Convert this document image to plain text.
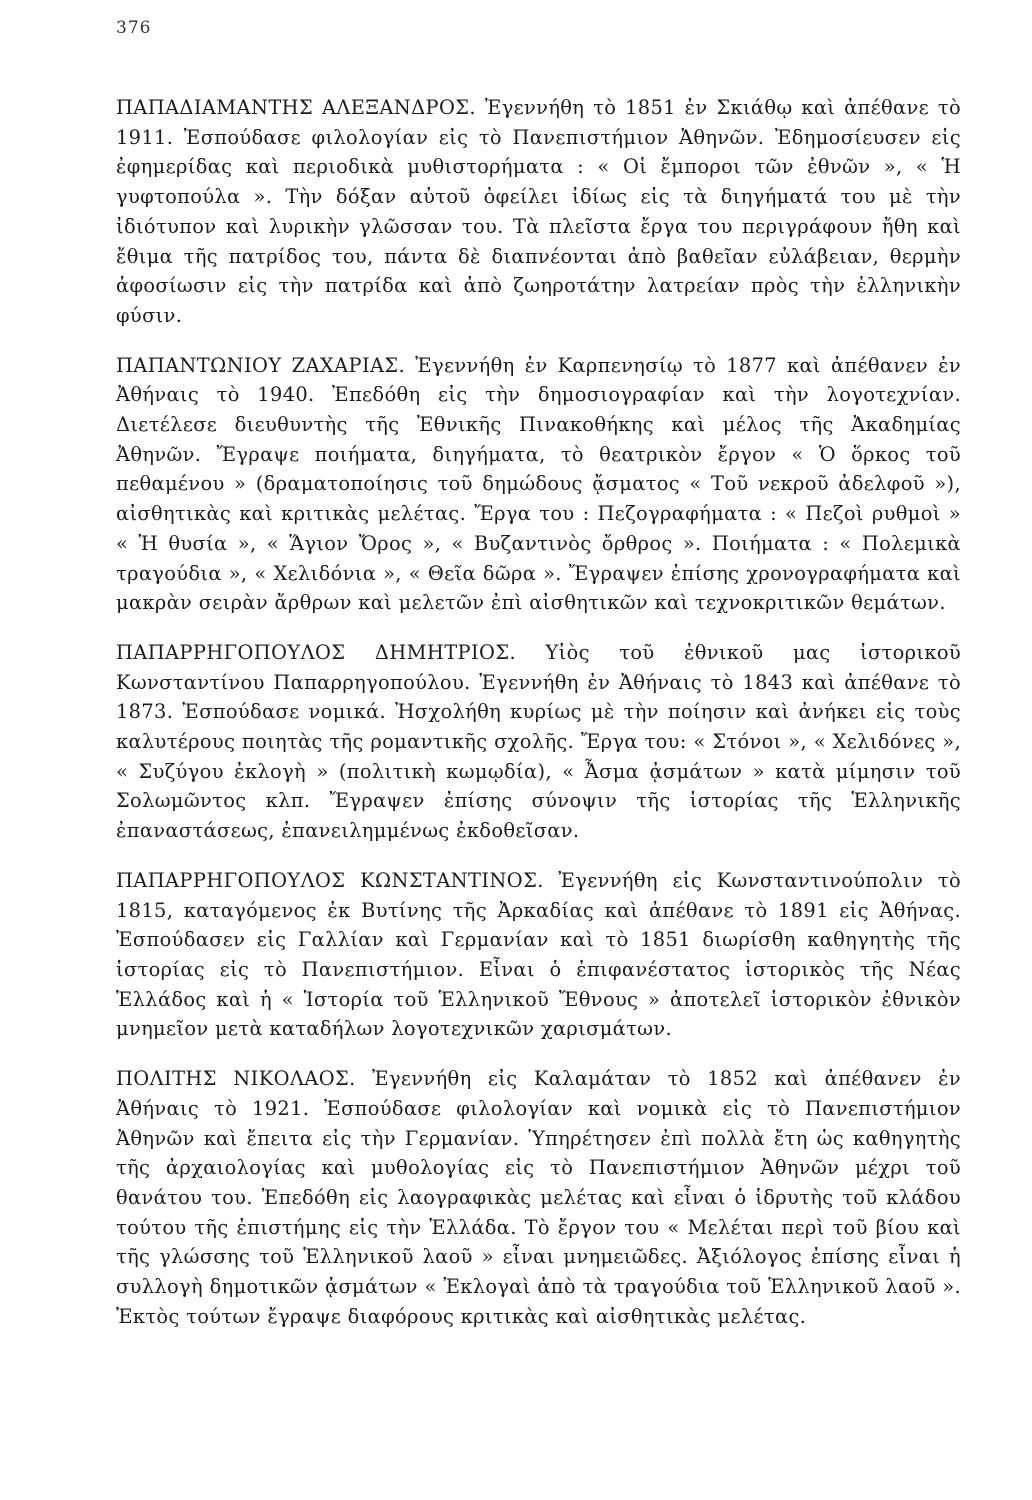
376

ΠΑΠΑΔΙΑΜΑΝΤΗΣ ΑΛΕΞΑΝΔΡΟΣ. Ἐγεννήθη τὸ 1851 ἐν Σκιάθῳ καὶ ἀπέθανε τὸ 1911. Ἐσπούδασε φιλολογίαν εἰς τὸ Πανεπιστήμιον Ἀθηνῶν. Ἐδημοσίευσεν εἰς ἐφημερίδας καὶ περιοδικὰ μυθιστορήματα : « Οἱ ἔμποροι τῶν ἐθνῶν », « Ἡ γυφτοπούλα ». Τὴν δόξαν αὐτοῦ ὀφείλει ἰδίως εἰς τὰ διηγήματά του μὲ τὴν ἰδιότυπον καὶ λυρικὴν γλῶσσαν του. Τὰ πλεῖστα ἔργα του περιγράφουν ἤθη καὶ ἔθιμα τῆς πατρίδος του, πάντα δὲ διαπνέονται ἀπὸ βαθεῖαν εὐλάβειαν, θερμὴν ἀφοσίωσιν εἰς τὴν πατρίδα καὶ ἀπὸ ζωηροτάτην λατρείαν πρὸς τὴν ἑλληνικὴν φύσιν.

ΠΑΠΑΝΤΩΝΙΟΥ ΖΑΧΑΡΙΑΣ. Ἐγεννήθη ἐν Καρπενησίῳ τὸ 1877 καὶ ἀπέθανεν ἐν Ἀθήναις τὸ 1940. Ἐπεδόθη εἰς τὴν δημοσιογραφίαν καὶ τὴν λογοτεχνίαν. Διετέλεσε διευθυντὴς τῆς Ἐθνικῆς Πινακοθήκης καὶ μέλος τῆς Ἀκαδημίας Ἀθηνῶν. Ἔγραψε ποιήματα, διηγήματα, τὸ θεατρικὸν ἔργον « Ὁ ὅρκος τοῦ πεθαμένου » (δραματοποίησις τοῦ δημώδους ᾄσματος « Τοῦ νεκροῦ ἀδελφοῦ »), αἰσθητικὰς καὶ κριτικὰς μελέτας. Ἔργα του : Πεζογραφήματα : « Πεζοὶ ρυθμοὶ » « Ἡ θυσία », « Ἅγιον Ὄρος », « Βυζαντινὸς ὄρθρος ». Ποιήματα : « Πολεμικὰ τραγούδια », « Χελιδόνια », « Θεῖα δῶρα ». Ἔγραψεν ἐπίσης χρονογραφήματα καὶ μακρὰν σειρὰν ἄρθρων καὶ μελετῶν ἐπὶ αἰσθητικῶν καὶ τεχνοκριτικῶν θεμάτων.

ΠΑΠΑΡΡΗΓΟΠΟΥΛΟΣ ΔΗΜΗΤΡΙΟΣ. Υἱὸς τοῦ ἐθνικοῦ μας ἱστορικοῦ Κωνσταντίνου Παπαρρηγοπούλου. Ἐγεννήθη ἐν Ἀθήναις τὸ 1843 καὶ ἀπέθανε τὸ 1873. Ἐσπούδασε νομικά. Ἠσχολήθη κυρίως μὲ τὴν ποίησιν καὶ ἀνήκει εἰς τοὺς καλυτέρους ποιητὰς τῆς ρομαντικῆς σχολῆς. Ἔργα του: « Στόνοι », « Χελιδόνες », « Συζύγου ἐκλογὴ » (πολιτικὴ κωμῳδία), « Ἆσμα ᾀσμάτων » κατὰ μίμησιν τοῦ Σολωμῶντος κλπ. Ἔγραψεν ἐπίσης σύνοψιν τῆς ἱστορίας τῆς Ἑλληνικῆς ἐπαναστάσεως, ἐπανειλημμένως ἐκδοθεῖσαν.

ΠΑΠΑΡΡΗΓΟΠΟΥΛΟΣ ΚΩΝΣΤΑΝΤΙΝΟΣ. Ἐγεννήθη εἰς Κωνσταντινούπολιν τὸ 1815, καταγόμενος ἐκ Βυτίνης τῆς Ἀρκαδίας καὶ ἀπέθανε τὸ 1891 εἰς Ἀθήνας. Ἐσπούδασεν εἰς Γαλλίαν καὶ Γερμανίαν καὶ τὸ 1851 διωρίσθη καθηγητὴς τῆς ἱστορίας εἰς τὸ Πανεπιστήμιον. Εἶναι ὁ ἐπιφανέστατος ἱστορικὸς τῆς Νέας Ἑλλάδος καὶ ἡ « Ἱστορία τοῦ Ἑλληνικοῦ Ἔθνους » ἀποτελεῖ ἱστορικὸν ἐθνικὸν μνημεῖον μετὰ καταδήλων λογοτεχνικῶν χαρισμάτων.

ΠΟΛΙΤΗΣ ΝΙΚΟΛΑΟΣ. Ἐγεννήθη εἰς Καλαμάταν τὸ 1852 καὶ ἀπέθανεν ἐν Ἀθήναις τὸ 1921. Ἐσπούδασε φιλολογίαν καὶ νομικὰ εἰς τὸ Πανεπιστήμιον Ἀθηνῶν καὶ ἔπειτα εἰς τὴν Γερμανίαν. Ὑπηρέτησεν ἐπὶ πολλὰ ἔτη ὡς καθηγητὴς τῆς ἀρχαιολογίας καὶ μυθολογίας εἰς τὸ Πανεπιστήμιον Ἀθηνῶν μέχρι τοῦ θανάτου του. Ἐπεδόθη εἰς λαογραφικὰς μελέτας καὶ εἶναι ὁ ἱδρυτὴς τοῦ κλάδου τούτου τῆς ἐπιστήμης εἰς τὴν Ἑλλάδα. Τὸ ἔργον του « Μελέται περὶ τοῦ βίου καὶ τῆς γλώσσης τοῦ Ἑλληνικοῦ λαοῦ » εἶναι μνημειῶδες. Ἀξιόλογος ἐπίσης εἶναι ἡ συλλογὴ δημοτικῶν ᾀσμάτων « Ἐκλογαὶ ἀπὸ τὰ τραγούδια τοῦ Ἑλληνικοῦ λαοῦ ». Ἐκτὸς τούτων ἔγραψε διαφόρους κριτικὰς καὶ αἰσθητικὰς μελέτας.
